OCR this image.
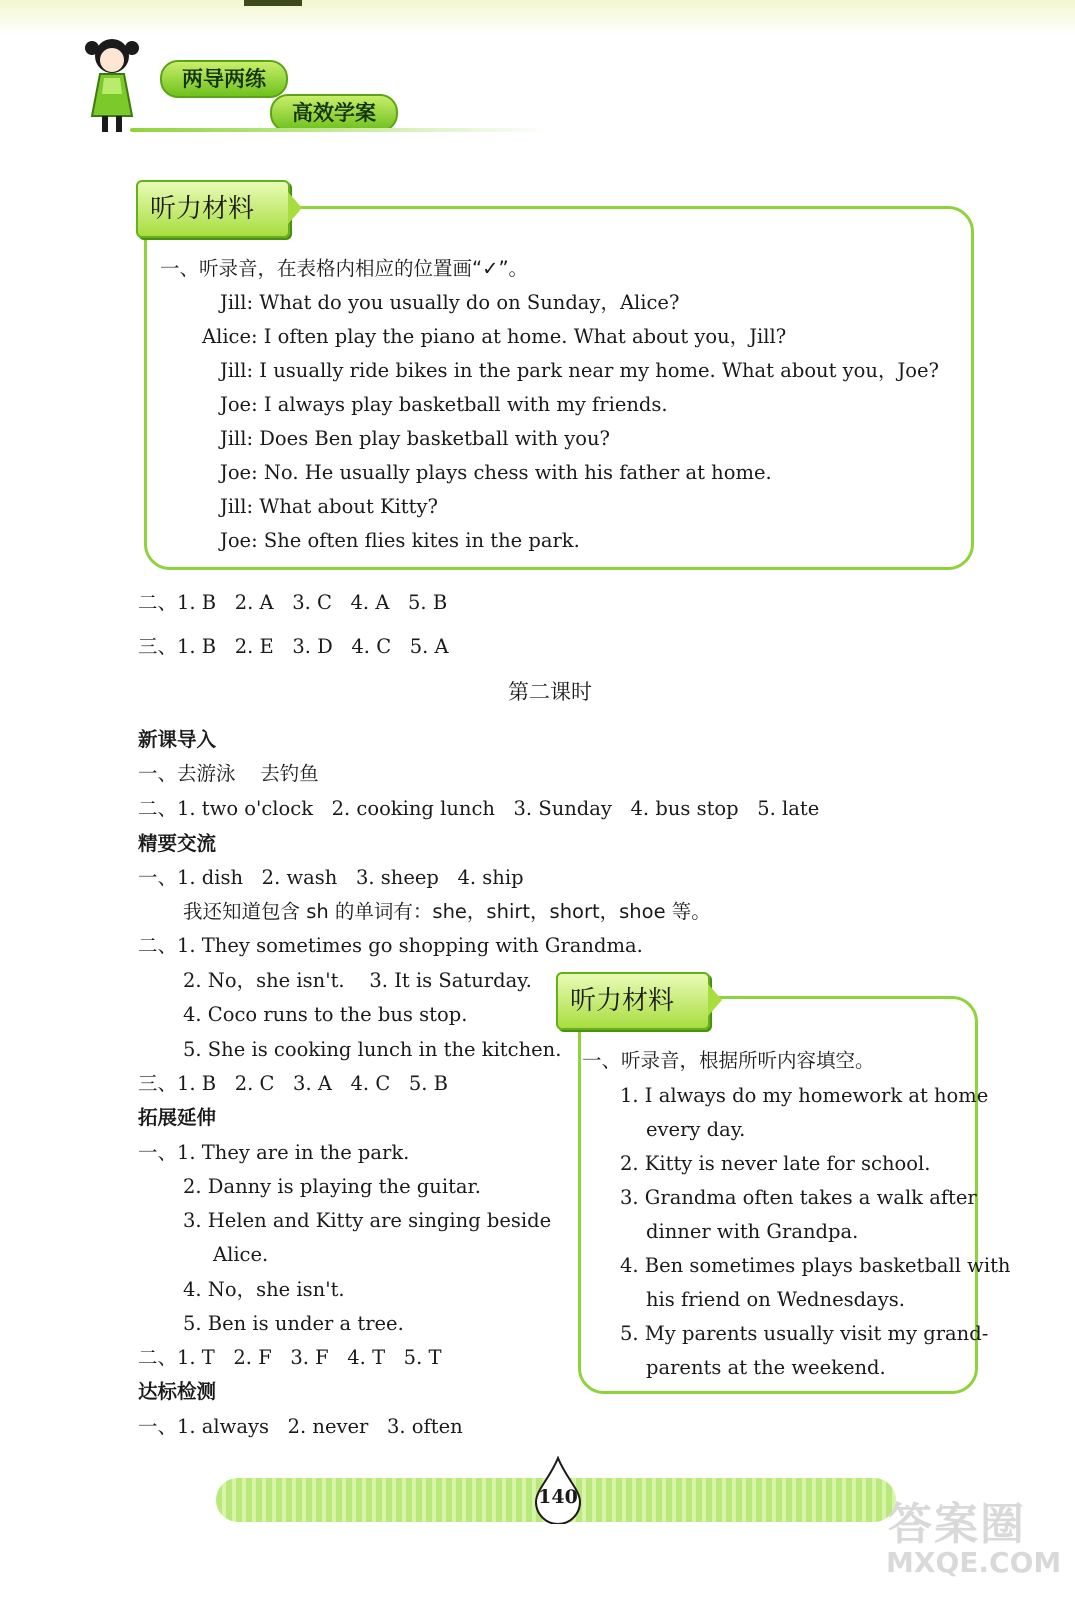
两导两练
高效学案
听力材料
一、听录音，在表格内相应的位置画“✓”。
Jill: What do you usually do on Sunday，Alice?
Alice: I often play the piano at home. What about you，Jill?
Jill: I usually ride bikes in the park near my home. What about you，Joe?
Joe: I always play basketball with my friends.
Jill: Does Ben play basketball with you?
Joe: No. He usually plays chess with his father at home.
Jill: What about Kitty?
Joe: She often flies kites in the park.
二、1. B   2. A   3. C   4. A   5. B
三、1. B   2. E   3. D   4. C   5. A
第二课时
新课导入
一、去游泳    去钓鱼
二、1. two o'clock   2. cooking lunch   3. Sunday   4. bus stop   5. late
精要交流
一、1. dish   2. wash   3. sheep   4. ship
我还知道包含 sh 的单词有：she，shirt，short，shoe 等。
二、1. They sometimes go shopping with Grandma.
2. No，she isn't.    3. It is Saturday.
4. Coco runs to the bus stop.
5. She is cooking lunch in the kitchen.
三、1. B   2. C   3. A   4. C   5. B
拓展延伸
一、1. They are in the park.
2. Danny is playing the guitar.
3. Helen and Kitty are singing beside
Alice.
4. No，she isn't.
5. Ben is under a tree.
二、1. T   2. F   3. F   4. T   5. T
达标检测
一、1. always   2. never   3. often
听力材料
一、听录音，根据所听内容填空。
1. I always do my homework at home
every day.
2. Kitty is never late for school.
3. Grandma often takes a walk after
dinner with Grandpa.
4. Ben sometimes plays basketball with
his friend on Wednesdays.
5. My parents usually visit my grand-
parents at the weekend.
140
答案圈
MXQE.COM
